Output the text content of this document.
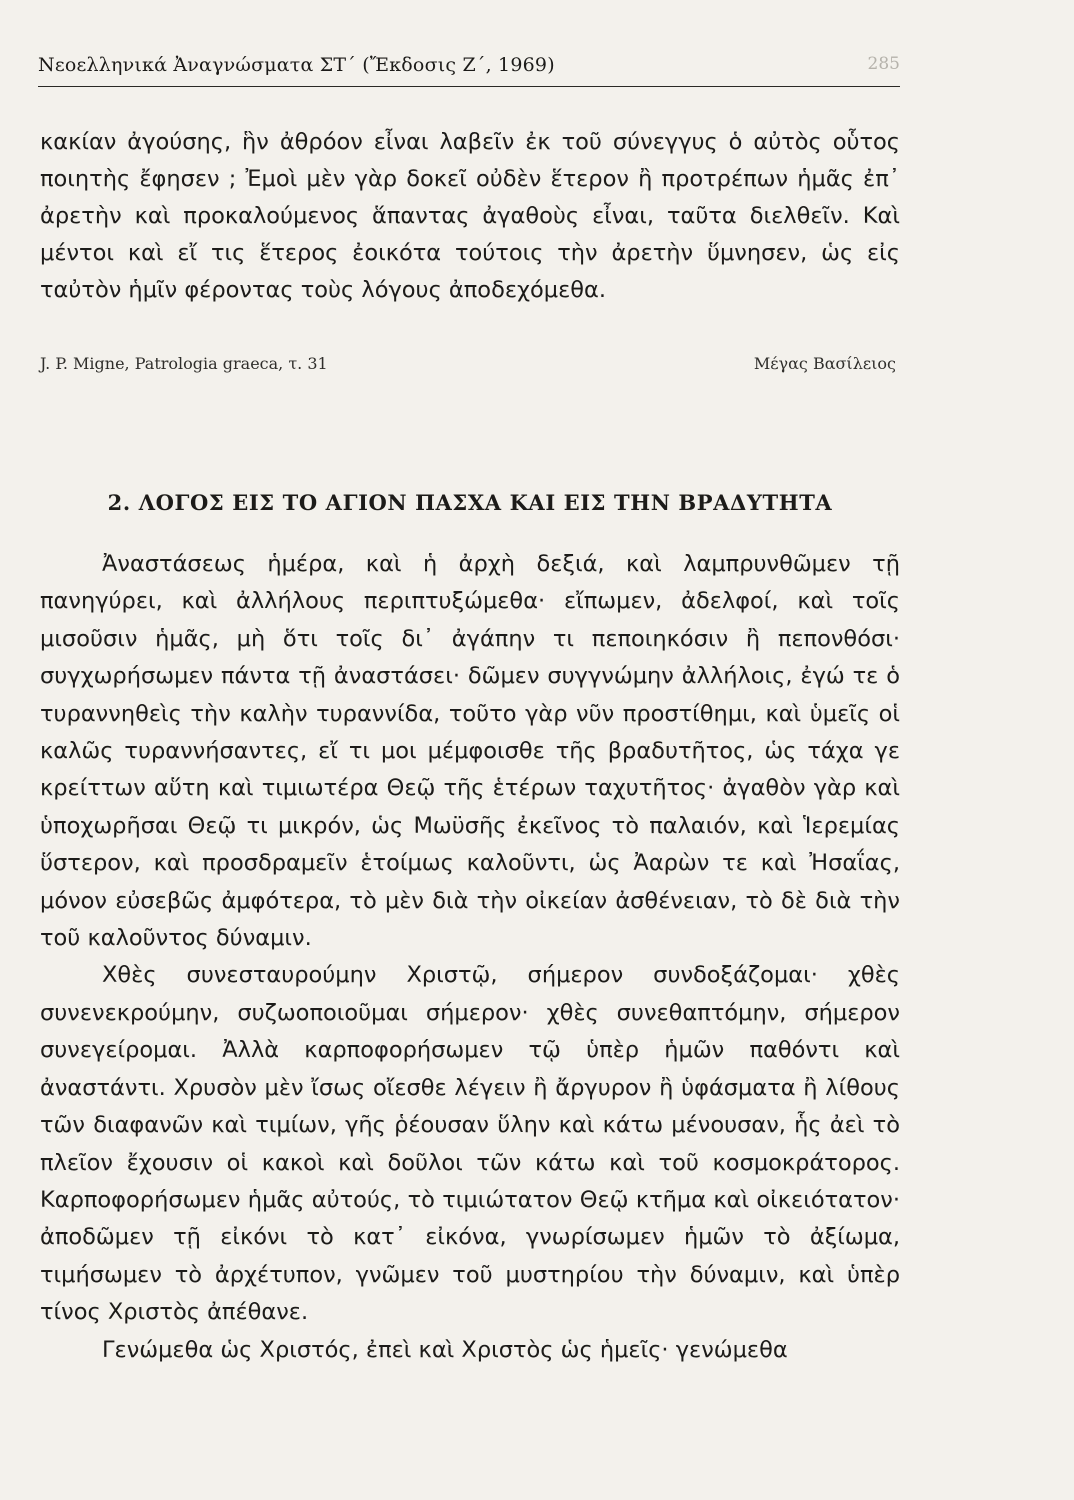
Νεοελληνικά Ἀναγνώσματα ΣΤ΄ (Ἔκδοσις Ζ΄, 1969)	285

κακίαν ἀγούσης, ἣν ἀθρόον εἶναι λαβεῖν ἐκ τοῦ σύνεγγυς ὁ αὐτὸς οὗτος ποιητὴς ἔφησεν ; Ἐμοὶ μὲν γὰρ δοκεῖ οὐδὲν ἕτερον ἢ προτρέπων ἡμᾶς ἐπ᾽ ἀρετὴν καὶ προκαλούμενος ἅπαντας ἀγαθοὺς εἶναι, ταῦτα διελθεῖν. Καὶ μέντοι καὶ εἴ τις ἕτερος ἐοικότα τούτοις τὴν ἀρετὴν ὕμνησεν, ὡς εἰς ταὐτὸν ἡμῖν φέροντας τοὺς λόγους ἀποδεχόμεθα.

J. P. Migne, Patrologia graeca, τ. 31	Μέγας Βασίλειος
2. ΛΟΓΟΣ ΕΙΣ ΤΟ ΑΓΙΟΝ ΠΑΣΧΑ ΚΑΙ ΕΙΣ ΤΗΝ ΒΡΑΔΥΤΗΤΑ

Ἀναστάσεως ἡμέρα, καὶ ἡ ἀρχὴ δεξιά, καὶ λαμπρυνθῶμεν τῇ πανηγύρει, καὶ ἀλλήλους περιπτυξώμεθα· εἴπωμεν, ἀδελφοί, καὶ τοῖς μισοῦσιν ἡμᾶς, μὴ ὅτι τοῖς δι᾽ ἀγάπην τι πεποιηκόσιν ἢ πεπονθόσι· συγχωρήσωμεν πάντα τῇ ἀναστάσει· δῶμεν συγγνώμην ἀλλήλοις, ἐγώ τε ὁ τυραννηθεὶς τὴν καλὴν τυραννίδα, τοῦτο γὰρ νῦν προστίθημι, καὶ ὑμεῖς οἱ καλῶς τυραννήσαντες, εἴ τι μοι μέμφοισθε τῆς βραδυτῆτος, ὡς τάχα γε κρείττων αὕτη καὶ τιμιωτέρα Θεῷ τῆς ἑτέρων ταχυτῆτος· ἀγαθὸν γὰρ καὶ ὑποχωρῆσαι Θεῷ τι μικρόν, ὡς Μωϋσῆς ἐκεῖνος τὸ παλαιόν, καὶ Ἱερεμίας ὕστερον, καὶ προσδραμεῖν ἑτοίμως καλοῦντι, ὡς Ἀαρὼν τε καὶ Ἠσαΐας, μόνον εὐσεβῶς ἀμφότερα, τὸ μὲν διὰ τὴν οἰκείαν ἀσθένειαν, τὸ δὲ διὰ τὴν τοῦ καλοῦντος δύναμιν.

Χθὲς συνεσταυρούμην Χριστῷ, σήμερον συνδοξάζομαι· χθὲς συνενεκρούμην, συζωοποιοῦμαι σήμερον· χθὲς συνεθαπτόμην, σήμερον συνεγείρομαι. Ἀλλὰ καρποφορήσωμεν τῷ ὑπὲρ ἡμῶν παθόντι καὶ ἀναστάντι. Χρυσὸν μὲν ἴσως οἴεσθε λέγειν ἢ ἄργυρον ἢ ὑφάσματα ἢ λίθους τῶν διαφανῶν καὶ τιμίων, γῆς ῥέουσαν ὕλην καὶ κάτω μένουσαν, ἧς ἀεὶ τὸ πλεῖον ἔχουσιν οἱ κακοὶ καὶ δοῦλοι τῶν κάτω καὶ τοῦ κοσμοκράτορος. Καρποφορήσωμεν ἡμᾶς αὐτούς, τὸ τιμιώτατον Θεῷ κτῆμα καὶ οἰκειότατον· ἀποδῶμεν τῇ εἰκόνι τὸ κατ᾽ εἰκόνα, γνωρίσωμεν ἡμῶν τὸ ἀξίωμα, τιμήσωμεν τὸ ἀρχέτυπον, γνῶμεν τοῦ μυστηρίου τὴν δύναμιν, καὶ ὑπὲρ τίνος Χριστὸς ἀπέθανε.

Γενώμεθα ὡς Χριστός, ἐπεὶ καὶ Χριστὸς ὡς ἡμεῖς· γενώμεθα
